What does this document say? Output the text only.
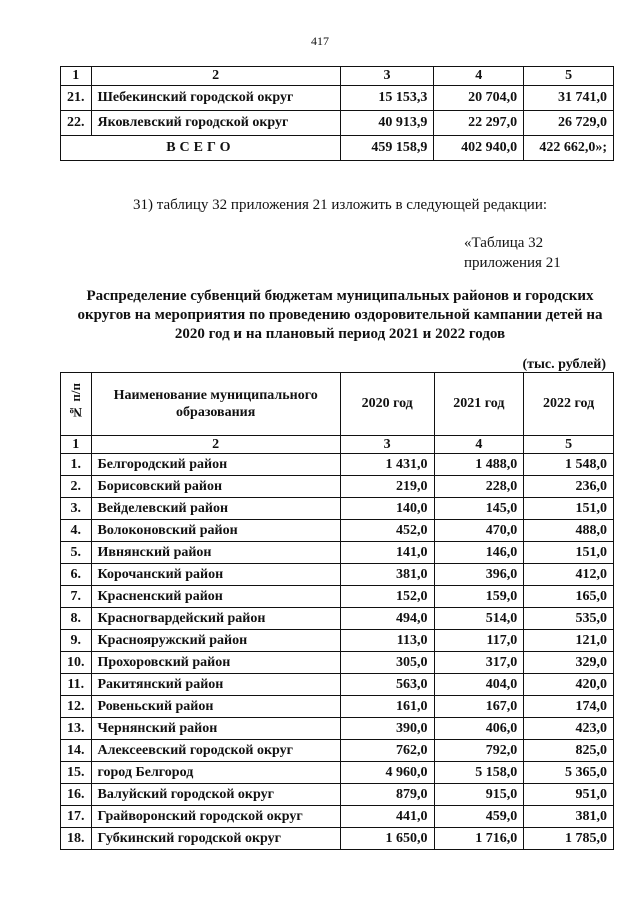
417
1	2	3	4	5
21.	Шебекинский городской округ	15 153,3	20 704,0	31 741,0
22.	Яковлевский городской округ	40 913,9	22 297,0	26 729,0
ВСЕГО		459 158,9	402 940,0	422 662,0»;
31) таблицу 32 приложения 21 изложить в следующей редакции:
«Таблица 32
приложения 21
Распределение субвенций бюджетам муниципальных районов и городских округов на мероприятия по проведению оздоровительной кампании детей на 2020 год и на плановый период 2021 и 2022 годов
(тыс. рублей)
№ п/п	Наименование муниципального образования	2020 год	2021 год	2022 год
1	2	3	4	5
1.	Белгородский район	1 431,0	1 488,0	1 548,0
2.	Борисовский район	219,0	228,0	236,0
3.	Вейделевский район	140,0	145,0	151,0
4.	Волоконовский район	452,0	470,0	488,0
5.	Ивнянский район	141,0	146,0	151,0
6.	Корочанский район	381,0	396,0	412,0
7.	Красненский район	152,0	159,0	165,0
8.	Красногвардейский район	494,0	514,0	535,0
9.	Краснояружский район	113,0	117,0	121,0
10.	Прохоровский район	305,0	317,0	329,0
11.	Ракитянский район	563,0	404,0	420,0
12.	Ровеньский район	161,0	167,0	174,0
13.	Чернянский район	390,0	406,0	423,0
14.	Алексеевский городской округ	762,0	792,0	825,0
15.	город Белгород	4 960,0	5 158,0	5 365,0
16.	Валуйский городской округ	879,0	915,0	951,0
17.	Грайворонский городской округ	441,0	459,0	381,0
18.	Губкинский городской округ	1 650,0	1 716,0	1 785,0
